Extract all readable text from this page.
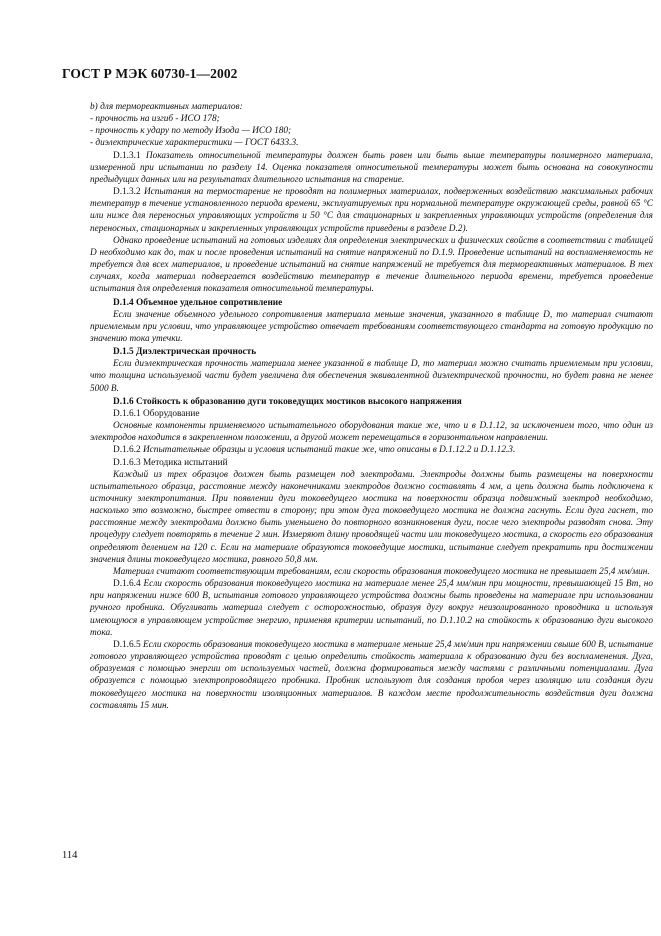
ГОСТ Р МЭК 60730-1—2002

b) для термореактивных материалов:

- прочность на изгиб - ИСО 178;

- прочность к удару по методу Изода — ИСО 180;

- диэлектрические характеристики — ГОСТ 6433.3.

D.1.3.1 Показатель относительной температуры должен быть равен или быть выше температуры полимерного материала, измеренной при испытании по разделу 14. Оценка показателя относительной температуры может быть основана на совокупности предыдущих данных или на результатах длительного испытания на старение.

D.1.3.2 Испытания на термостарение не проводят на полимерных материалах, подверженных воздействию максимальных рабочих температур в течение установленного периода времени, эксплуатируемых при нормальной температуре окружающей среды, равной 65 °С или ниже для переносных управляющих устройств и 50 °С для стационарных и закрепленных управляющих устройств (определения для переносных, стационарных и закрепленных управляющих устройств приведены в разделе D.2).

Однако проведение испытаний на готовых изделиях для определения электрических и физических свойств в соответствии с таблицей D необходимо как до, так и после проведения испытаний на снятие напряжений по D.1.9. Проведение испытаний на воспламеняемость не требуется для всех материалов, и проведение испытаний на снятие напряжений не требуется для термореактивных материалов. В тех случаях, когда материал подвергается воздействию температур в течение длительного периода времени, требуется проведение испытания для определения показателя относительной температуры.

D.1.4 Объемное удельное сопротивление

Если значение объемного удельного сопротивления материала меньше значения, указанного в таблице D, то материал считают приемлемым при условии, что управляющее устройство отвечает требованиям соответствующего стандарта на готовую продукцию по значению тока утечки.

D.1.5 Диэлектрическая прочность

Если диэлектрическая прочность материала менее указанной в таблице D, то материал можно считать приемлемым при условии, что толщина используемой части будет увеличена для обеспечения эквивалентной диэлектрической прочности, но будет равна не менее 5000 В.

D.1.6 Стойкость к образованию дуги токоведущих мостиков высокого напряжения

D.1.6.1 Оборудование

Основные компоненты применяемого испытательного оборудования такие же, что и в D.1.12, за исключением того, что один из электродов находится в закрепленном положении, а другой может перемещаться в горизонтальном направлении.

D.1.6.2 Испытательные образцы и условия испытаний такие же, что описаны в D.1.12.2 и D.1.12.3.

D.1.6.3 Методика испытаний

Каждый из трех образцов должен быть размещен под электродами. Электроды должны быть размещены на поверхности испытательного образца, расстояние между наконечниками электродов должно составлять 4 мм, а цепь должна быть подключена к источнику электропитания. При появлении дуги токоведущего мостика на поверхности образца подвижный электрод необходимо, насколько это возможно, быстрее отвести в сторону; при этом дуга токоведущего мостика не должна гаснуть. Если дуга гаснет, то расстояние между электродами должно быть уменьшено до повторного возникновения дуги, после чего электроды разводят снова. Эту процедуру следует повторять в течение 2 мин. Измеряют длину проводящей части или токоведущего мостика, а скорость его образования определяют делением на 120 с. Если на материале образуются токоведущие мостики, испытание следует прекратить при достижении значения длины токоведущего мостика, равного 50,8 мм.

Материал считают соответствующим требованиям, если скорость образования токоведущего мостика не превышает 25,4 мм/мин.

D.1.6.4 Если скорость образования токоведущего мостика на материале менее 25,4 мм/мин при мощности, превышающей 15 Вт, но при напряжении ниже 600 В, испытания готового управляющего устройства должны быть проведены на материале при использовании ручного пробника. Обугливать материал следует с осторожностью, образуя дугу вокруг неизолированного проводника и используя имеющуюся в управляющем устройстве энергию, применяя критерии испытаний, по D.1.10.2 на стойкость к образованию дуги высокого тока.

D.1.6.5 Если скорость образования токоведущего мостика в материале меньше 25,4 мм/мин при напряжении свыше 600 В, испытание готового управляющего устройства проводят с целью определить стойкость материала к образованию дуги без воспламенения. Дуга, образуемая с помощью энергии от используемых частей, должна формироваться между частями с различными потенциалами. Дуга образуется с помощью электропроводящего пробника. Пробник используют для создания пробоя через изоляцию или создания дуги токоведущего мостика на поверхности изоляционных материалов. В каждом месте продолжительность воздействия дуги должна составлять 15 мин.

114
